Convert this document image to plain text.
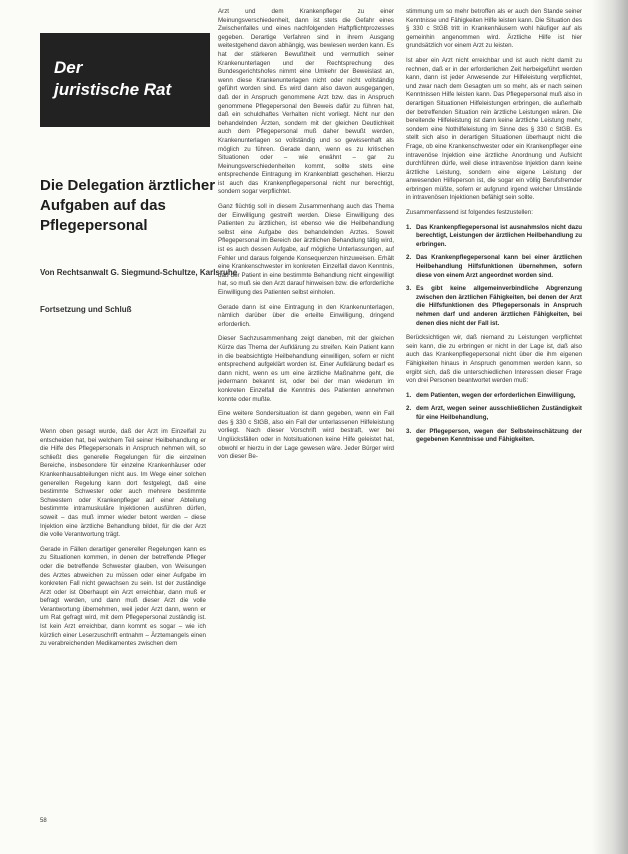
Der
juristische Rat
Die Delegation ärztlicher Aufgaben auf das Pflegepersonal
Von Rechtsanwalt G. Siegmund-Schultze, Karlsruhe
Fortsetzung und Schluß

Wenn oben gesagt wurde, daß der Arzt im Einzelfall zu entscheiden hat, bei welchem Teil seiner Heilbehandlung er die Hilfe des Pflegepersonals in Anspruch nehmen will, so schließt dies generelle Regelungen für die einzelnen Bereiche, insbesondere für einzelne Krankenhäuser oder Krankenhausabteilungen nicht aus. Im Wege einer solchen generellen Regelung kann dort festgelegt, daß eine bestimmte Schwester oder auch mehrere bestimmte Schwestern oder Krankenpfleger auf einer Abteilung bestimmte intramuskuläre Injektionen ausführen dürfen, soweit – das muß immer wieder betont werden – diese Injektion eine ärztliche Behandlung bildet, für die der Arzt die volle Verantwortung trägt.

Gerade in Fällen derartiger genereller Regelungen kann es zu Situationen kommen, in denen der betreffende Pfleger oder die betreffende Schwester glauben, von Weisungen des Arztes abweichen zu müssen oder einer Aufgabe im konkreten Fall nicht gewachsen zu sein. Ist der zuständige Arzt oder ist Oberhaupt ein Arzt erreichbar, dann muß er befragt werden, und dann muß dieser Arzt die volle Verantwortung übernehmen, weil jeder Arzt dann, wenn er um Rat gefragt wird, mit dem Pflegepersonal zuständig ist. Ist kein Arzt erreichbar, dann kommt es sogar – wie ich kürzlich einer Leserzuschrift entnahm – Ärztemangels einen zu verabreichenden Medikamentes zwischen dem

Arzt und dem Krankenpfleger zu einer Meinungsverschiedenheit, dann ist stets die Gefahr eines Zwischenfalles und eines nachfolgenden Haftpflichtprozesses gegeben. Derartige Verfahren sind in ihrem Ausgang weitestgehend davon abhängig, was bewiesen werden kann. Es hat der stärkeren Bewußtheit und vermutlich seiner Krankenunterlagen und der Rechtsprechung des Bundesgerichtshofes nimmt eine Umkehr der Beweislast an, wenn diese Krankenunterlagen nicht oder nicht vollständig geführt worden sind. Es wird dann also davon ausgegangen, daß der in Anspruch genommene Arzt bzw. das in Anspruch genommene Pflegepersonal den Beweis dafür zu führen hat, daß ein schuldhaftes Verhalten nicht vorliegt. Nicht nur den behandelnden Ärzten, sondern mit der gleichen Deutlichkeit auch dem Pflegepersonal muß daher bewußt werden, Krankenunterlagen so vollständig und so gewissenhaft als möglich zu führen. Gerade dann, wenn es zu kritischen Situationen oder – wie erwähnt – gar zu Meinungsverschiedenheiten kommt, sollte stets eine entsprechende Eintragung im Krankenblatt geschehen. Hierzu ist auch das Krankenpflegepersonal nicht nur berechtigt, sondern sogar verpflichtet.

Ganz flüchtig soll in diesem Zusammenhang auch das Thema der Einwilligung gestreift werden. Diese Einwilligung des Patienten zu ärztlichen, ist ebenso wie die Heilbehandlung selbst eine Aufgabe des behandelnden Arztes. Soweit Pflegepersonal im Bereich der ärztlichen Behandlung tätig wird, ist es auch dessen Aufgabe, auf mögliche Unterlassungen, auf Fehler und daraus folgende Konsequenzen hinzuweisen. Erhält eine Krankenschwester im konkreten Einzelfall davon Kenntnis, daß der Patient in eine bestimmte Behandlung nicht eingewilligt hat, so muß sie den Arzt darauf hinweisen bzw. die erforderliche Einwilligung des Patienten selbst einholen.

Gerade dann ist eine Eintragung in den Krankenunterlagen, nämlich darüber über die erteilte Einwilligung, dringend erforderlich.

Dieser Sachzusammenhang zeigt daneben, mit der gleichen Kürze das Thema der Aufklärung zu streifen. Kein Patient kann in die beabsichtigte Heilbehandlung einwilligen, sofern er nicht entsprechend aufgeklärt worden ist. Einer Aufklärung bedarf es dann nicht, wenn es um eine ärztliche Maßnahme geht, die jedermann bekannt ist, oder bei der man wiederum im konkreten Einzelfall die Kenntnis des Patienten annehmen konnte oder mußte.

Eine weitere Sondersituation ist dann gegeben, wenn ein Fall des § 330 c StGB, also ein Fall der unterlassenen Hilfeleistung vorliegt. Nach dieser Vorschrift wird bestraft, wer bei Unglücksfällen oder in Notsituationen keine Hilfe geleistet hat, obwohl er hierzu in der Lage gewesen wäre. Jeder Bürger wird von dieser Be-

stimmung um so mehr betroffen als er auch den Stande seiner Kenntnisse und Fähigkeiten Hilfe leisten kann. Die Situation des § 330 c StGB tritt in Krankenhäusern wohl häufiger auf als gemeinhin angenommen wird. Ärztliche Hilfe ist hier grundsätzlich vor einem Arzt zu leisten.

Ist aber ein Arzt nicht erreichbar und ist auch nicht damit zu rechnen, daß er in der erforderlichen Zeit herbeigeführt werden kann, dann ist jeder Anwesende zur Hilfeleistung verpflichtet, und zwar nach dem Gesagten um so mehr, als er nach seinen Kenntnissen Hilfe leisten kann. Das Pflegepersonal muß also in derartigen Situationen Hilfeleistungen erbringen, die außerhalb der betreffenden Situation rein ärztliche Leistungen wären. Die bereitende Hilfeleistung ist dann keine ärztliche Leistung mehr, sondern eine Nothilfeleistung im Sinne des § 330 c StGB. Es stellt sich also in derartigen Situationen überhaupt nicht die Frage, ob eine Krankenschwester oder ein Krankenpfleger eine intravenöse Injektion eine ärztliche Anordnung und Aufsicht durchführen dürfe, weil diese intravenöse Injektion dann keine ärztliche Leistung, sondern eine eigene Leistung der anwesenden Hilfeperson ist, die sogar ein völlig Berufsfremder erbringen müßte, sofern er aufgrund irgend welcher Umstände in intravenösen Injektionen befähigt sein sollte.

Zusammenfassend ist folgendes festzustellen:

1. Das Krankenpflegepersonal ist ausnahmslos nicht dazu berechtigt, Leistungen der ärztlichen Heilbehandlung zu erbringen.
2. Das Krankenpflegepersonal kann bei einer ärztlichen Heilbehandlung Hilfsfunktionen übernehmen, sofern diese von einem Arzt angeordnet worden sind.
3. Es gibt keine allgemeinverbindliche Abgrenzung zwischen den ärztlichen Fähigkeiten, bei denen der Arzt die Hilfsfunktionen des Pflegepersonals in Anspruch nehmen darf und anderen ärztlichen Fähigkeiten, bei denen dies nicht der Fall ist.

Berücksichtigen wir, daß niemand zu Leistungen verpflichtet sein kann, die zu erbringen er nicht in der Lage ist, daß also auch das Krankenpflegepersonal nicht über die ihm eigenen Fähigkeiten hinaus in Anspruch genommen werden kann, so ergibt sich, daß die unterschiedlichen Interessen dieser Frage von drei Personen beantwortet werden muß:

1. dem Patienten, wegen der erforderlichen Einwilligung,
2. dem Arzt, wegen seiner ausschließlichen Zuständigkeit für eine Heilbehandlung,
3. der Pflegeperson, wegen der Selbsteinschätzung der gegebenen Kenntnisse und Fähigkeiten.
58
